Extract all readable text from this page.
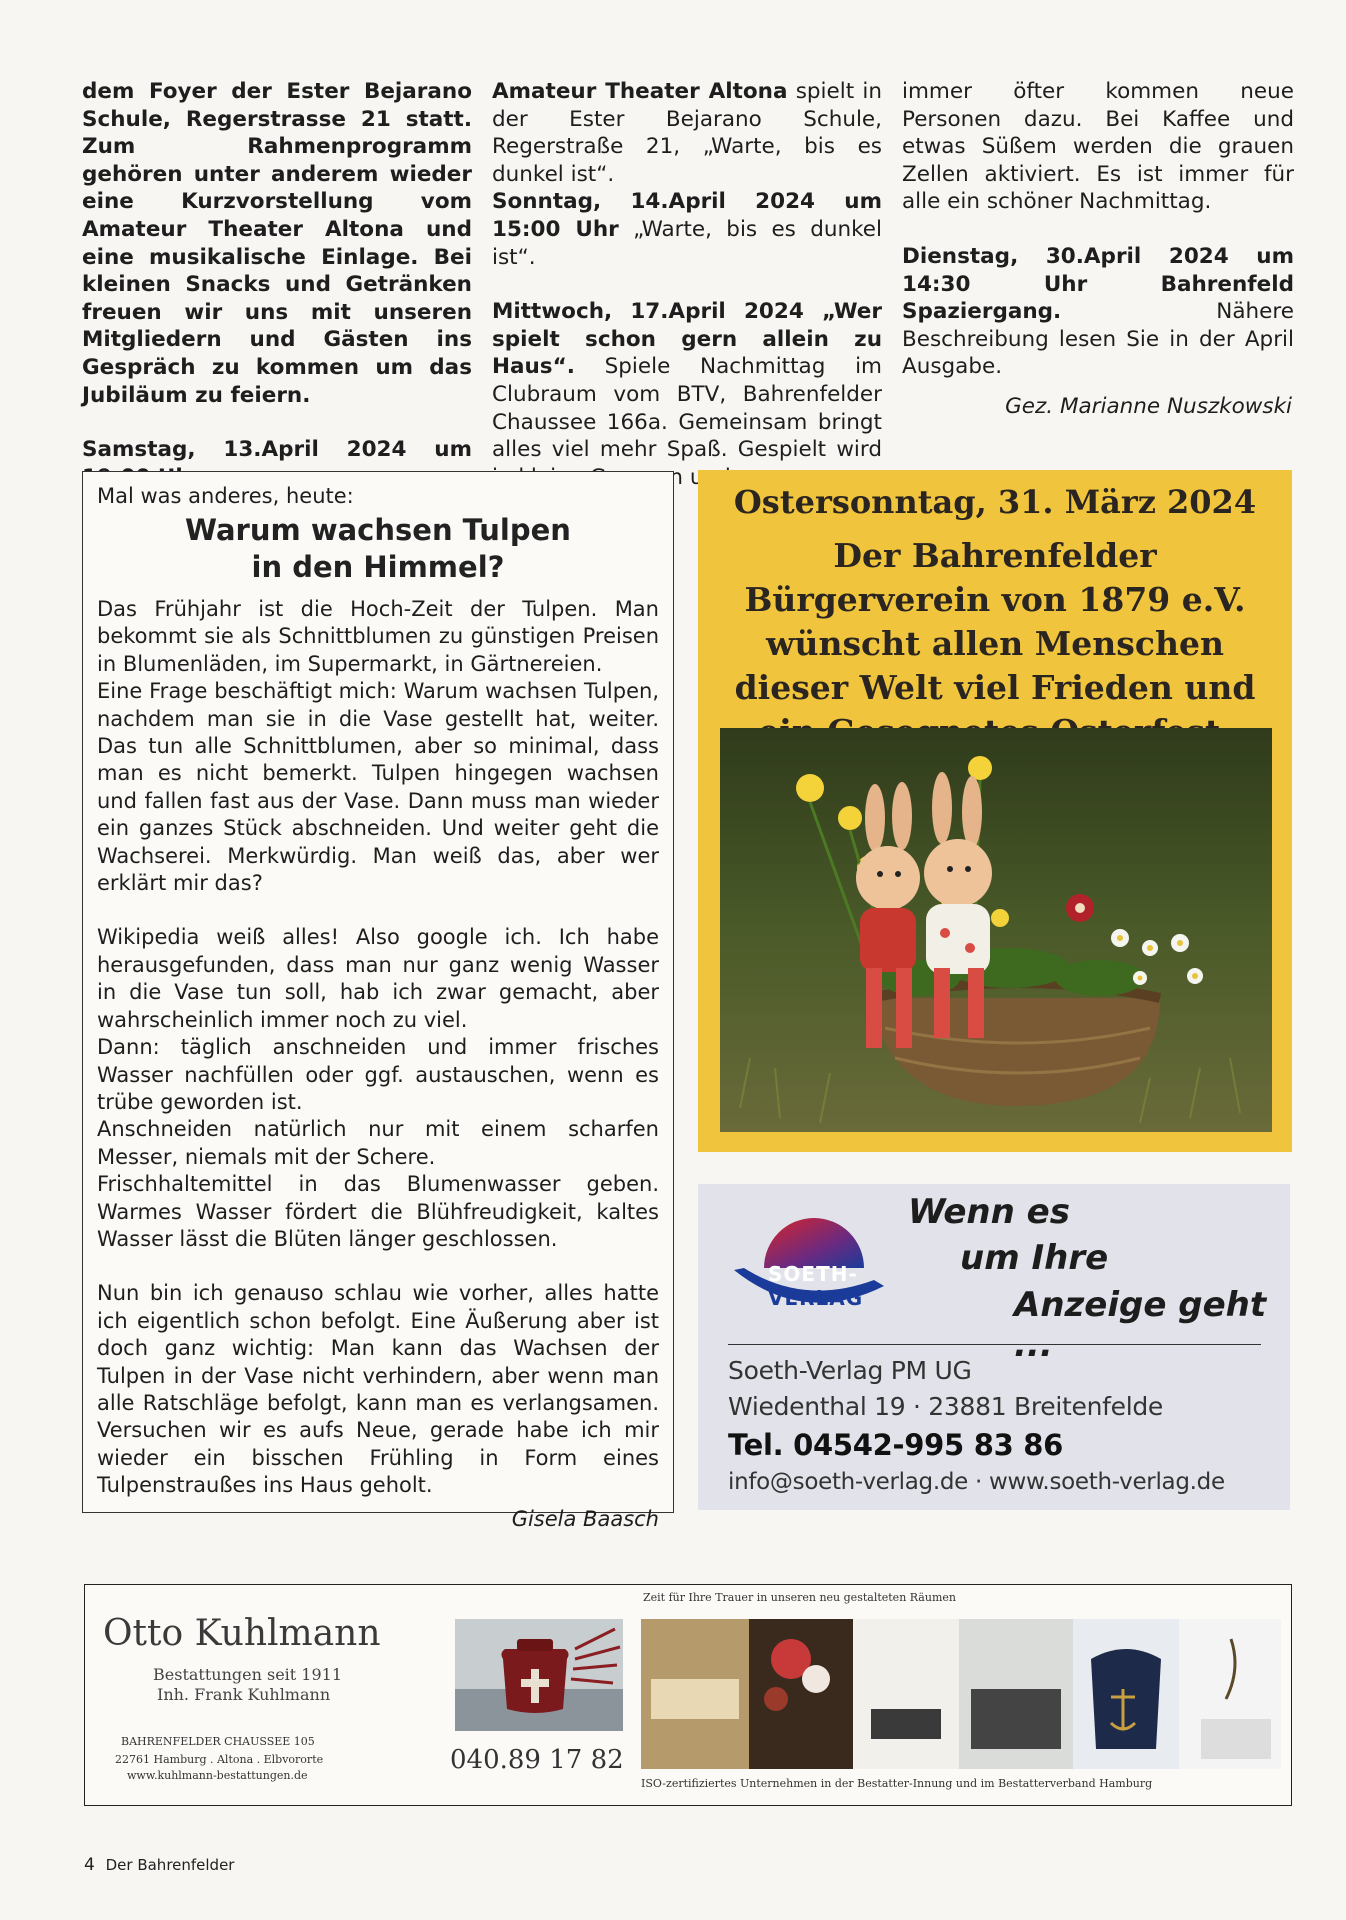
dem Foyer der Ester Bejarano Schule, Regerstrasse 21 statt. Zum Rahmenprogramm gehören unter anderem wieder eine Kurzvorstellung vom Amateur Theater Altona und eine musikalische Einlage. Bei kleinen Snacks und Getränken freuen wir uns mit unseren Mitgliedern und Gästen ins Gespräch zu kommen um das Jubiläum zu feiern.

Samstag, 13.April 2024 um

Amateur Theater Altona spielt in der Ester Bejarano Schule, Regerstraße 21, „Warte, bis es dunkel ist“.

Sonntag, 14.April 2024 um 15:00 Uhr „Warte, bis es dunkel ist“.

Mittwoch, 17.April 2024 „Wer spielt schon gern allein zu Haus“. Spiele Nachmittag im Clubraum vom BTV, Bahrenfelder Chaussee 166a. Gemeinsam bringt alles viel mehr Spaß. Gespielt wird

immer öfter kommen neue Personen dazu. Bei Kaffee und etwas Süßem werden die grauen Zellen aktiviert. Es ist immer für alle ein schöner Nachmittag.

Dienstag, 30.April 2024 um 14:30 Uhr Bahrenfeld Spaziergang. Nähere Beschreibung lesen Sie in der April Ausgabe.

Gez. Marianne Nuszkowski

Mal was anderes, heute:
Warum wachsen Tulpen
in den Himmel?

Das Frühjahr ist die Hoch-Zeit der Tulpen. Man bekommt sie als Schnittblumen zu günstigen Preisen in Blumenläden, im Supermarkt, in Gärtnereien.

Eine Frage beschäftigt mich: Warum wachsen Tulpen, nachdem man sie in die Vase gestellt hat, weiter. Das tun alle Schnittblumen, aber so minimal, dass man es nicht bemerkt. Tulpen hingegen wachsen und fallen fast aus der Vase. Dann muss man wieder ein ganzes Stück abschneiden. Und weiter geht die Wachserei. Merkwürdig. Man weiß das, aber wer erklärt mir das?

Wikipedia weiß alles! Also google ich. Ich habe herausgefunden, dass man nur ganz wenig Wasser in die Vase tun soll, hab ich zwar gemacht, aber wahrscheinlich immer noch zu viel.

Dann: täglich anschneiden und immer frisches Wasser nachfüllen oder ggf. austauschen, wenn es trübe geworden ist.

Anschneiden natürlich nur mit einem scharfen Messer, niemals mit der Schere.

Frischhaltemittel in das Blumenwasser geben. Warmes Wasser fördert die Blühfreudigkeit, kaltes Wasser lässt die Blüten länger geschlossen.

Nun bin ich genauso schlau wie vorher, alles hatte ich eigentlich schon befolgt. Eine Äußerung aber ist doch ganz wichtig: Man kann das Wachsen der Tulpen in der Vase nicht verhindern, aber wenn man alle Ratschläge befolgt, kann man es verlangsamen. Versuchen wir es aufs Neue, gerade habe ich mir wieder ein bisschen Frühling in Form eines Tulpenstraußes ins Haus geholt.

Gisela Baasch

Ostersonntag, 31. März 2024
Der Bahrenfelder Bürgerverein von 1879 e.V. wünscht allen Menschen dieser Welt viel Frieden und
SOETH-
VERLAG
Wenn es
um Ihre
Anzeige geht ...
Soeth-Verlag PM UG
Wiedenthal 19 · 23881 Breitenfelde
Tel. 04542-995 83 86
info@soeth-verlag.de · www.soeth-verlag.de
Otto Kuhlmann
Bestattungen seit 1911
Inh. Frank Kuhlmann
BAHRENFELDER CHAUSSEE 105
22761 Hamburg . Altona . Elbvororte
www.kuhlmann-bestattungen.de
040.89 17 82
Zeit für Ihre Trauer in unseren neu gestalteten Räumen
ISO-zertifiziertes Unternehmen in der Bestatter-Innung und im Bestatterverband Hamburg
4 Der Bahrenfelder
